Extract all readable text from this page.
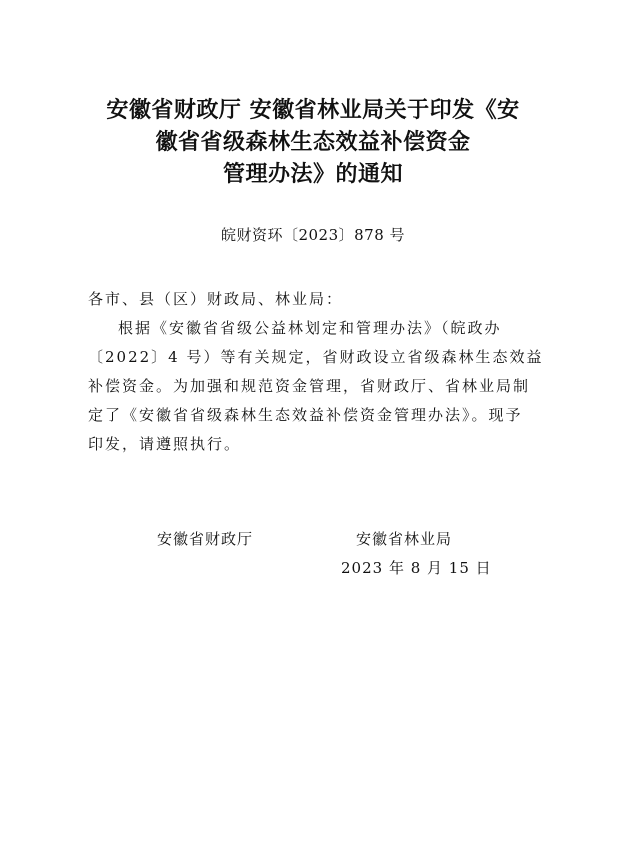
安徽省财政厅 安徽省林业局关于印发《安
徽省省级森林生态效益补偿资金
管理办法》的通知
皖财资环〔2023〕878 号
各市、县（区）财政局、林业局：
根据《安徽省省级公益林划定和管理办法》（皖政办
〔2022〕4 号）等有关规定，省财政设立省级森林生态效益
补偿资金。为加强和规范资金管理，省财政厅、省林业局制
定了《安徽省省级森林生态效益补偿资金管理办法》。现予
印发，请遵照执行。
安徽省财政厅	安徽省林业局
2023 年 8 月 15 日
